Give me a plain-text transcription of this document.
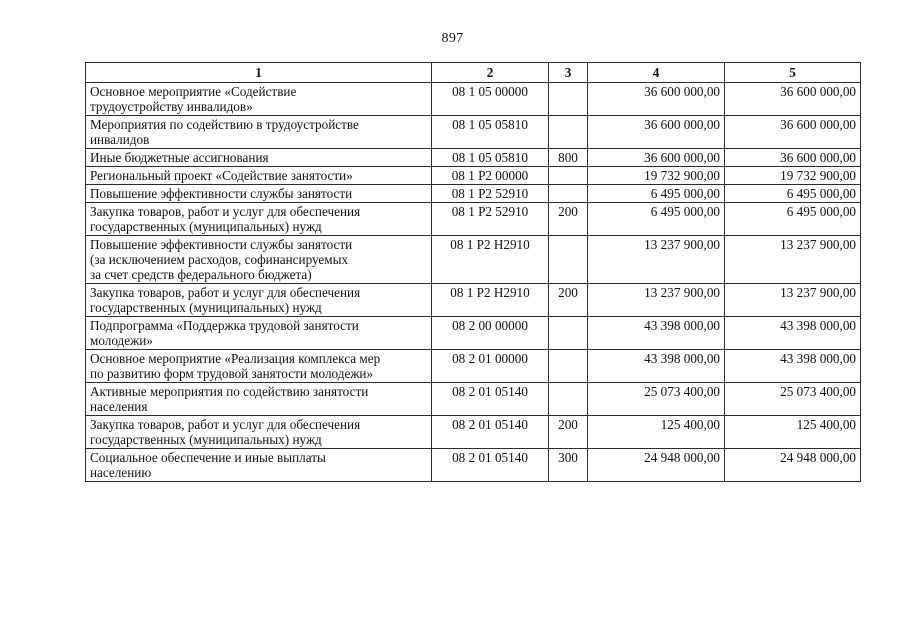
897
1	2	3	4	5
Основное мероприятие «Содействие
трудоустройству инвалидов»	08 1 05 00000		36 600 000,00	36 600 000,00
Мероприятия по содействию в трудоустройстве
инвалидов	08 1 05 05810		36 600 000,00	36 600 000,00
Иные бюджетные ассигнования	08 1 05 05810	800	36 600 000,00	36 600 000,00
Региональный проект «Содействие занятости»	08 1 Р2 00000		19 732 900,00	19 732 900,00
Повышение эффективности службы занятости	08 1 Р2 52910		6 495 000,00	6 495 000,00
Закупка товаров, работ и услуг для обеспечения
государственных (муниципальных) нужд	08 1 Р2 52910	200	6 495 000,00	6 495 000,00
Повышение эффективности службы занятости
(за исключением расходов, софинансируемых
за счет средств федерального бюджета)	08 1 Р2 Н2910		13 237 900,00	13 237 900,00
Закупка товаров, работ и услуг для обеспечения
государственных (муниципальных) нужд	08 1 Р2 Н2910	200	13 237 900,00	13 237 900,00
Подпрограмма «Поддержка трудовой занятости
молодежи»	08 2 00 00000		43 398 000,00	43 398 000,00
Основное мероприятие «Реализация комплекса мер
по развитию форм трудовой занятости молодежи»	08 2 01 00000		43 398 000,00	43 398 000,00
Активные мероприятия по содействию занятости
населения	08 2 01 05140		25 073 400,00	25 073 400,00
Закупка товаров, работ и услуг для обеспечения
государственных (муниципальных) нужд	08 2 01 05140	200	125 400,00	125 400,00
Социальное обеспечение и иные выплаты
населению	08 2 01 05140	300	24 948 000,00	24 948 000,00
